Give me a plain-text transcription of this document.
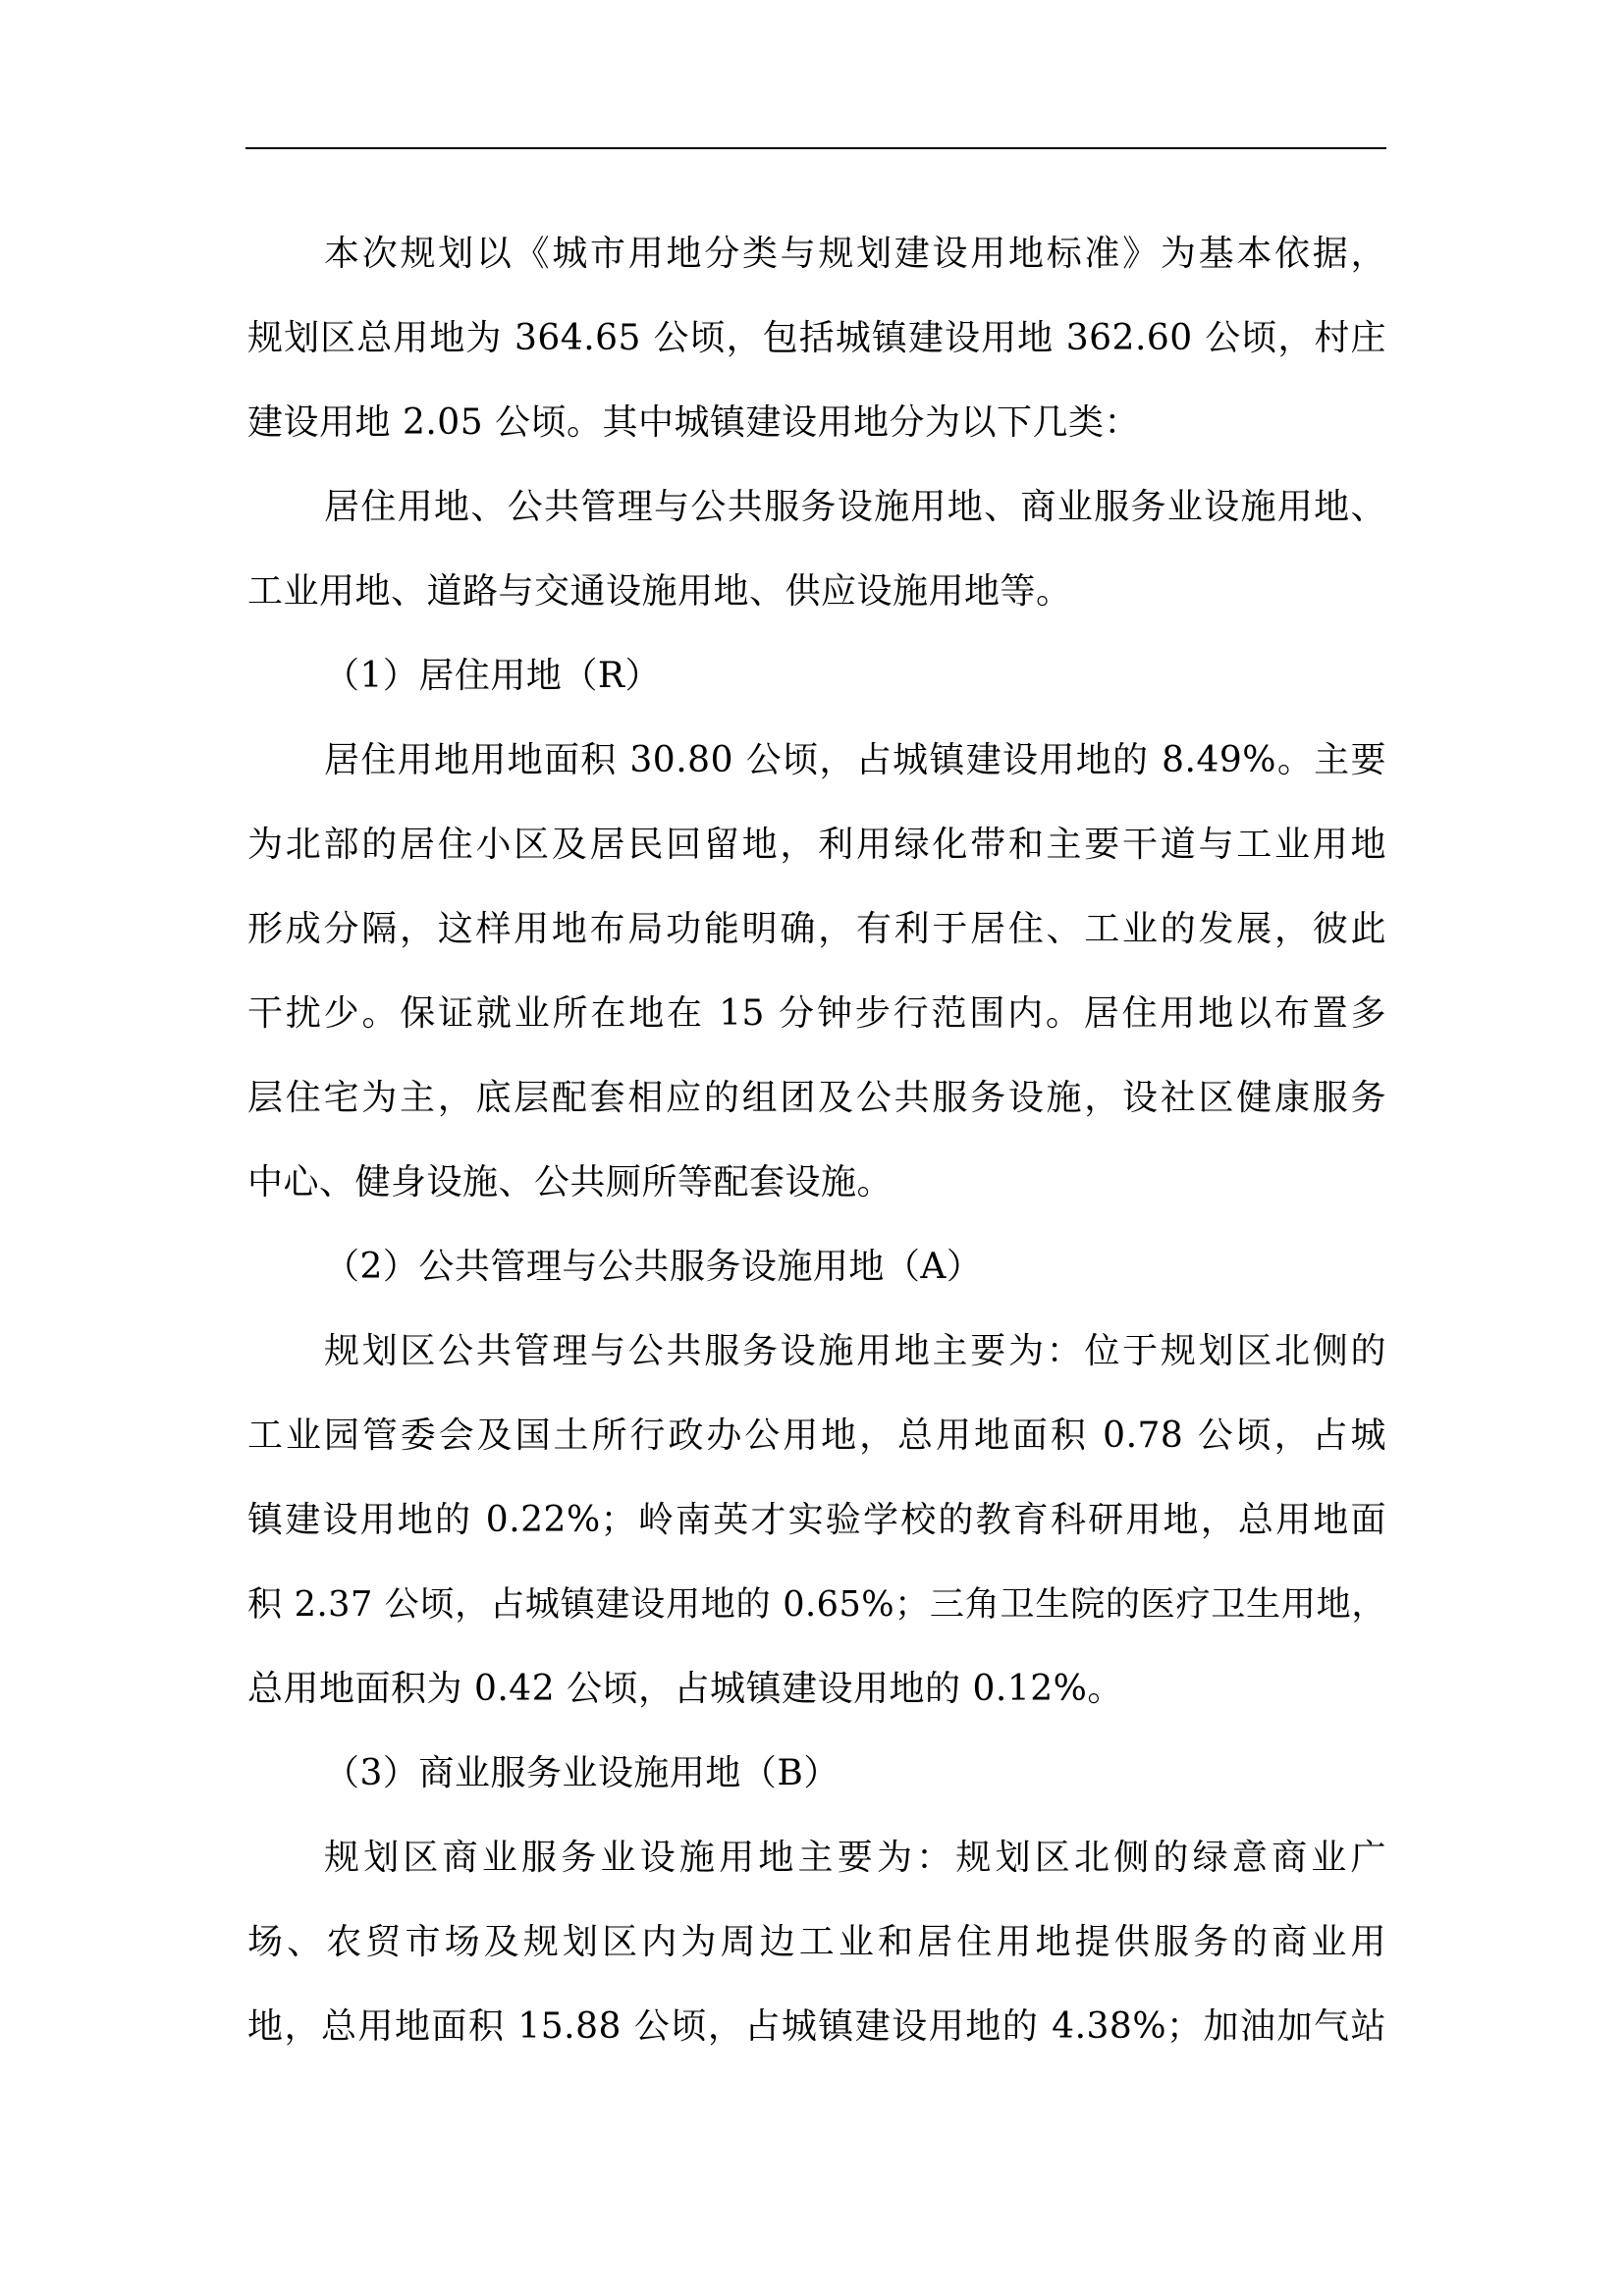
本次规划以《城市用地分类与规划建设用地标准》为基本依据，
规划区总用地为 364.65 公顷，包括城镇建设用地 362.60 公顷，村庄
建设用地 2.05 公顷。其中城镇建设用地分为以下几类：
居住用地、公共管理与公共服务设施用地、商业服务业设施用地、
工业用地、道路与交通设施用地、供应设施用地等。
（1）居住用地（R）
居住用地用地面积 30.80 公顷，占城镇建设用地的 8.49%。主要
为北部的居住小区及居民回留地，利用绿化带和主要干道与工业用地
形成分隔，这样用地布局功能明确，有利于居住、工业的发展，彼此
干扰少。保证就业所在地在 15 分钟步行范围内。居住用地以布置多
层住宅为主，底层配套相应的组团及公共服务设施，设社区健康服务
中心、健身设施、公共厕所等配套设施。
（2）公共管理与公共服务设施用地（A）
规划区公共管理与公共服务设施用地主要为：位于规划区北侧的
工业园管委会及国土所行政办公用地，总用地面积 0.78 公顷，占城
镇建设用地的 0.22%；岭南英才实验学校的教育科研用地，总用地面
积 2.37 公顷，占城镇建设用地的 0.65%；三角卫生院的医疗卫生用地，
总用地面积为 0.42 公顷，占城镇建设用地的 0.12%。
（3）商业服务业设施用地（B）
规划区商业服务业设施用地主要为：规划区北侧的绿意商业广
场、农贸市场及规划区内为周边工业和居住用地提供服务的商业用
地，总用地面积 15.88 公顷，占城镇建设用地的 4.38%；加油加气站
